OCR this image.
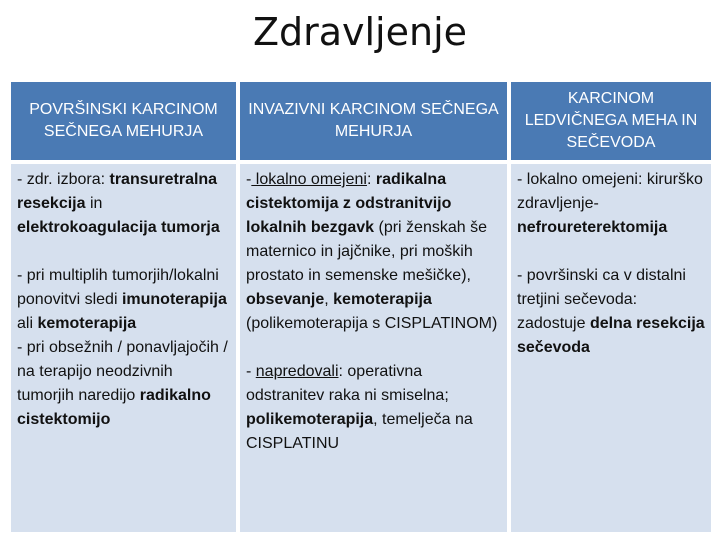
Zdravljenje
POVRŠINSKI KARCINOM SEČNEGA MEHURJA
INVAZIVNI KARCINOM SEČNEGA MEHURJA
KARCINOM LEDVIČNEGA MEHA IN SEČEVODA

- zdr. izbora: transuretralna resekcija in elektrokoagulacija tumorja

- pri multiplih tumorjih/lokalni ponovitvi sledi imunoterapija ali kemoterapija

- pri obsežnih / ponavljajočih / na terapijo neodzivnih tumorjih naredijo radikalno cistektomijo

- lokalno omejeni: radikalna cistektomija z odstranitvijo lokalnih bezgavk (pri ženskah še maternico in jajčnike, pri moških prostato in semenske mešičke), obsevanje, kemoterapija (polikemoterapija s CISPLATINOM)

- napredovali: operativna odstranitev raka ni smiselna; polikemoterapija, temelječa na CISPLATINU

- lokalno omejeni: kirurško zdravljenje-nefroureterektomija

- površinski ca v distalni tretjini sečevoda: zadostuje delna resekcija sečevoda
